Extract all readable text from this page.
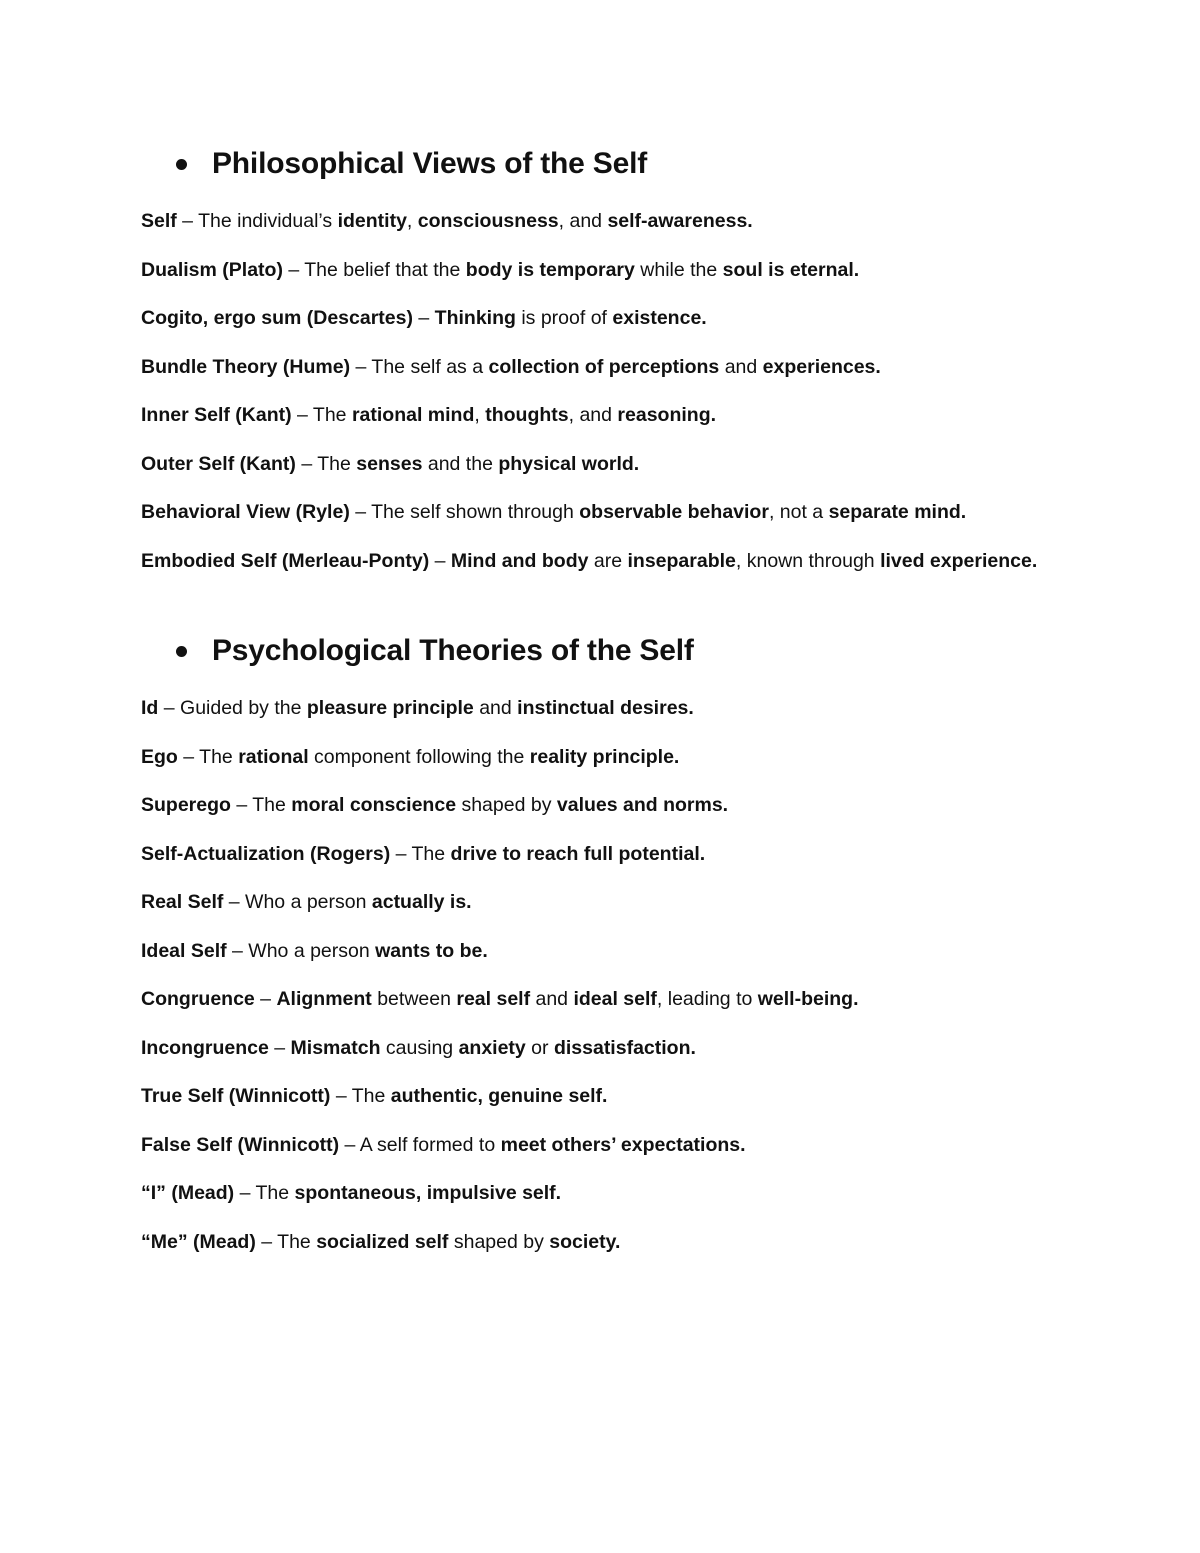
Philosophical Views of the Self

Self – The individual’s identity, consciousness, and self-awareness.

Dualism (Plato) – The belief that the body is temporary while the soul is eternal.

Cogito, ergo sum (Descartes) – Thinking is proof of existence.

Bundle Theory (Hume) – The self as a collection of perceptions and experiences.

Inner Self (Kant) – The rational mind, thoughts, and reasoning.

Outer Self (Kant) – The senses and the physical world.

Behavioral View (Ryle) – The self shown through observable behavior, not a separate mind.

Embodied Self (Merleau-Ponty) – Mind and body are inseparable, known through lived experience.

Psychological Theories of the Self

Id – Guided by the pleasure principle and instinctual desires.

Ego – The rational component following the reality principle.

Superego – The moral conscience shaped by values and norms.

Self-Actualization (Rogers) – The drive to reach full potential.

Real Self – Who a person actually is.

Ideal Self – Who a person wants to be.

Congruence – Alignment between real self and ideal self, leading to well-being.

Incongruence – Mismatch causing anxiety or dissatisfaction.

True Self (Winnicott) – The authentic, genuine self.

False Self (Winnicott) – A self formed to meet others’ expectations.

“I” (Mead) – The spontaneous, impulsive self.

“Me” (Mead) – The socialized self shaped by society.
